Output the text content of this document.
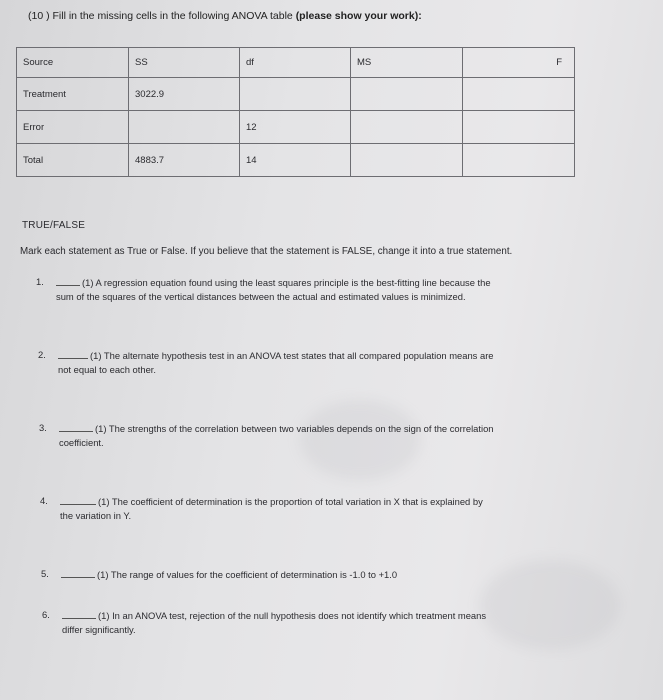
(10 ) Fill in the missing cells in the following ANOVA table (please show your work):
Source	SS	df	MS	F
Treatment	3022.9			
Error		12		
Total	4883.7	14		
TRUE/FALSE
Mark each statement as True or False. If you believe that the statement is FALSE, change it into a true statement.
1.	(1) A regression equation found using the least squares principle is the best-fitting line because the
sum of the squares of the vertical distances between the actual and estimated values is minimized.
2.	(1) The alternate hypothesis test in an ANOVA test states that all compared population means are
not equal to each other.
3.	(1) The strengths of the correlation between two variables depends on the sign of the correlation
coefficient.
4.	(1) The coefficient of determination is the proportion of total variation in X that is explained by
the variation in Y.
5.	(1) The range of values for the coefficient of determination is -1.0 to +1.0
6.	(1) In an ANOVA test, rejection of the null hypothesis does not identify which treatment means
differ significantly.
